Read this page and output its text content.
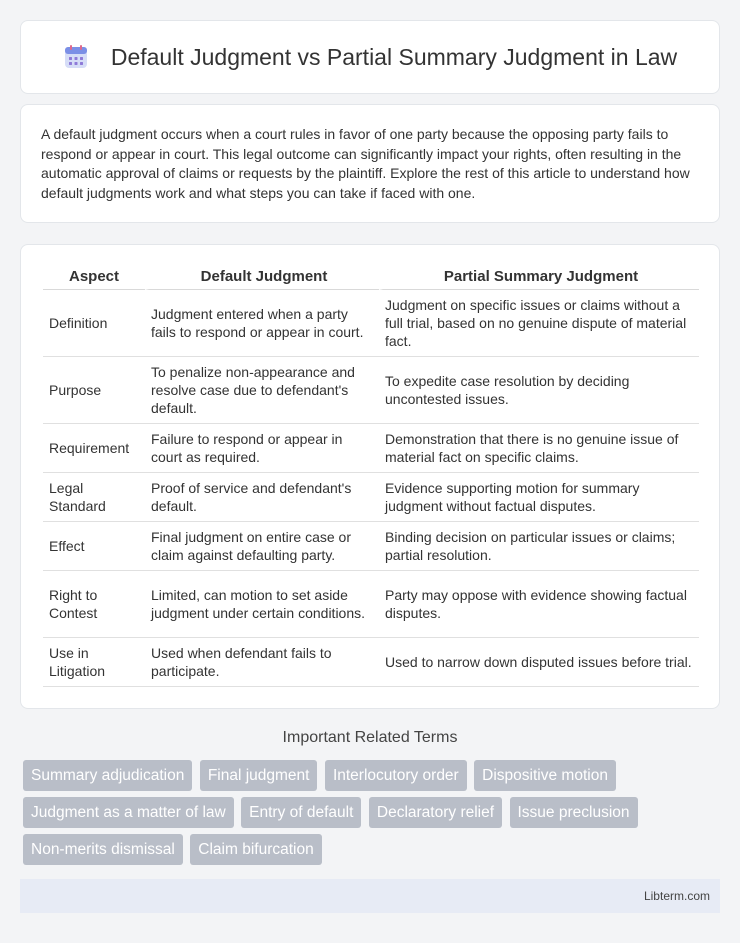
Default Judgment vs Partial Summary Judgment in Law

A default judgment occurs when a court rules in favor of one party because the opposing party fails to respond or appear in court. This legal outcome can significantly impact your rights, often resulting in the automatic approval of claims or requests by the plaintiff. Explore the rest of this article to understand how default judgments work and what steps you can take if faced with one.

Aspect	Default Judgment	Partial Summary Judgment
Definition	Judgment entered when a party fails to respond or appear in court.	Judgment on specific issues or claims without a full trial, based on no genuine dispute of material fact.
Purpose	To penalize non-appearance and resolve case due to defendant's default.	To expedite case resolution by deciding uncontested issues.
Requirement	Failure to respond or appear in court as required.	Demonstration that there is no genuine issue of material fact on specific claims.
Legal Standard	Proof of service and defendant's default.	Evidence supporting motion for summary judgment without factual disputes.
Effect	Final judgment on entire case or claim against defaulting party.	Binding decision on particular issues or claims; partial resolution.
Right to Contest	Limited, can motion to set aside judgment under certain conditions.	Party may oppose with evidence showing factual disputes.
Use in Litigation	Used when defendant fails to participate.	Used to narrow down disputed issues before trial.
Important Related Terms
Summary adjudication Final judgment Interlocutory order Dispositive motion Judgment as a matter of law Entry of default Declaratory relief Issue preclusion Non-merits dismissal Claim bifurcation
Libterm.com
